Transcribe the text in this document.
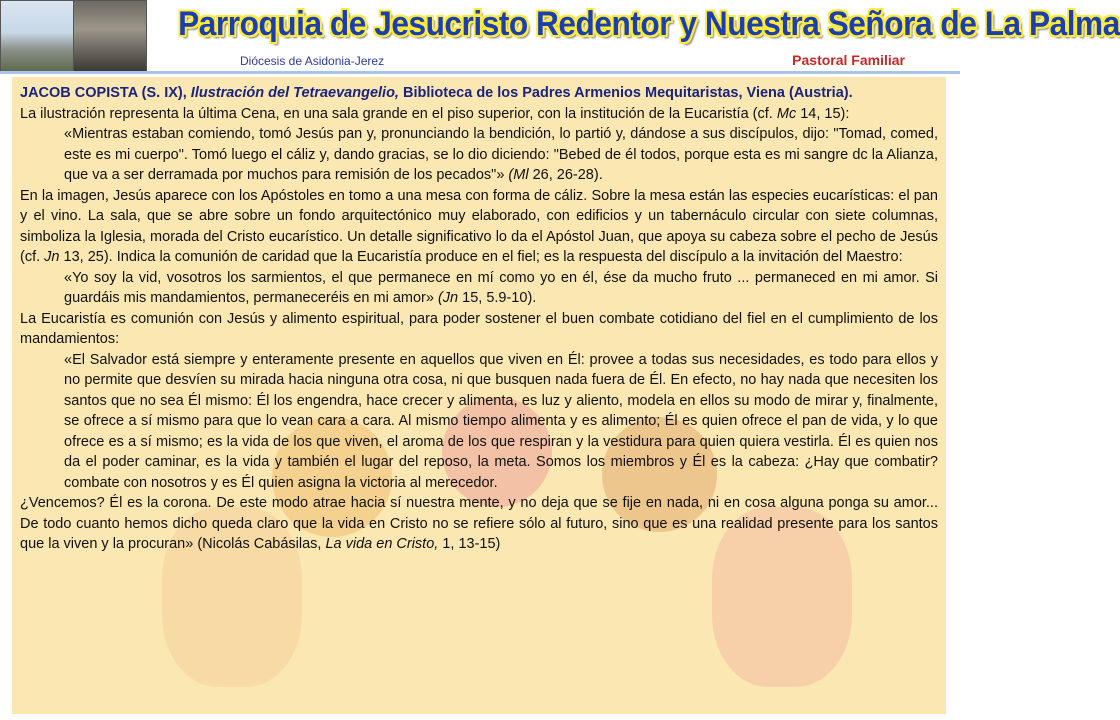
Parroquia de Jesucristo Redentor y Nuestra Señora de La Palma
Diócesis de Asidonia-Jerez	Pastoral Familiar

JACOB COPISTA (S. IX), Ilustración del Tetraevangelio, Biblioteca de los Padres Armenios Mequitaristas, Viena (Austria).

La ilustración representa la última Cena, en una sala grande en el piso superior, con la institución de la Eucaristía (cf. Mc 14, 15):

«Mientras estaban comiendo, tomó Jesús pan y, pronunciando la bendición, lo partió y, dándose a sus discípulos, dijo: "Tomad, comed, este es mi cuerpo". Tomó luego el cáliz y, dando gracias, se lo dio diciendo: "Bebed de él todos, porque esta es mi sangre dc la Alianza, que va a ser derramada por muchos para remisión de los pecados"» (Ml 26, 26-28).

En la imagen, Jesús aparece con los Apóstoles en tomo a una mesa con forma de cáliz. Sobre la mesa están las especies eucarísticas: el pan y el vino. La sala, que se abre sobre un fondo arquitectónico muy elaborado, con edificios y un tabernáculo circular con siete columnas, simboliza la Iglesia, morada del Cristo eucarístico. Un detalle significativo lo da el Apóstol Juan, que apoya su cabeza sobre el pecho de Jesús (cf. Jn 13, 25). Indica la comunión de caridad que la Eucaristía produce en el fiel; es la respuesta del discípulo a la invitación del Maestro:

«Yo soy la vid, vosotros los sarmientos, el que permanece en mí como yo en él, ése da mucho fruto ... permaneced en mi amor. Si guardáis mis mandamientos, permaneceréis en mi amor» (Jn 15, 5.9-10).

La Eucaristía es comunión con Jesús y alimento espiritual, para poder sostener el buen combate cotidiano del fiel en el cumplimiento de los mandamientos:

«El Salvador está siempre y enteramente presente en aquellos que viven en Él: provee a todas sus necesidades, es todo para ellos y no permite que desvíen su mirada hacia ninguna otra cosa, ni que busquen nada fuera de Él. En efecto, no hay nada que necesiten los santos que no sea Él mismo: Él los engendra, hace crecer y alimenta, es luz y aliento, modela en ellos su modo de mirar y, finalmente, se ofrece a sí mismo para que lo vean cara a cara. Al mismo tiempo alimenta y es alimento; Él es quien ofrece el pan de vida, y lo que ofrece es a sí mismo; es la vida de los que viven, el aroma de los que respiran y la vestidura para quien quiera vestirla. Él es quien nos da el poder caminar, es la vida y también el lugar del reposo, la meta. Somos los miembros y Él es la cabeza: ¿Hay que combatir? combate con nosotros y es Él quien asigna la victoria al merecedor.

¿Vencemos? Él es la corona. De este modo atrae hacia sí nuestra mente, y no deja que se fije en nada, ni en cosa alguna ponga su amor... De todo cuanto hemos dicho queda claro que la vida en Cristo no se refiere sólo al futuro, sino que es una realidad presente para los santos que la viven y la procuran» (Nicolás Cabásilas, La vida en Cristo, 1, 13-15)
